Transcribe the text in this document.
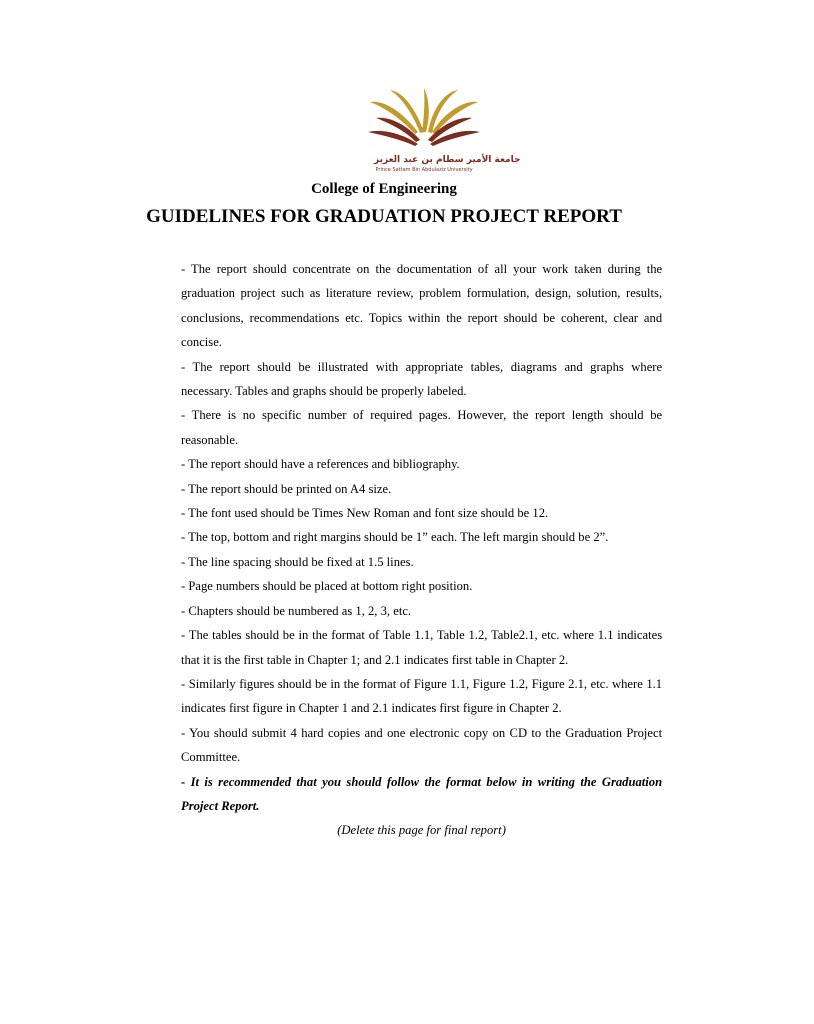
جامعة الأمير سطام بن عبد العزيز
Prince Sattam Bin Abdulaziz University
College of Engineering
GUIDELINES FOR GRADUATION PROJECT REPORT

- The report should concentrate on the documentation of all your work taken during the graduation project such as literature review, problem formulation, design, solution, results, conclusions, recommendations etc. Topics within the report should be coherent, clear and concise.

- The report should be illustrated with appropriate tables, diagrams and graphs where necessary. Tables and graphs should be properly labeled.

- There is no specific number of required pages. However, the report length should be reasonable.

- The report should have a references and bibliography.

- The report should be printed on A4 size.

- The font used should be Times New Roman and font size should be 12.

- The top, bottom and right margins should be 1” each. The left margin should be 2”.

- The line spacing should be fixed at 1.5 lines.

- Page numbers should be placed at bottom right position.

- Chapters should be numbered as 1, 2, 3, etc.

- The tables should be in the format of Table 1.1, Table 1.2, Table2.1, etc. where 1.1 indicates that it is the first table in Chapter 1; and 2.1 indicates first table in Chapter 2.

- Similarly figures should be in the format of Figure 1.1, Figure 1.2, Figure 2.1, etc. where 1.1 indicates first figure in Chapter 1 and 2.1 indicates first figure in Chapter 2.

- You should submit 4 hard copies and one electronic copy on CD to the Graduation Project Committee.

- It is recommended that you should follow the format below in writing the Graduation Project Report.

(Delete this page for final report)
